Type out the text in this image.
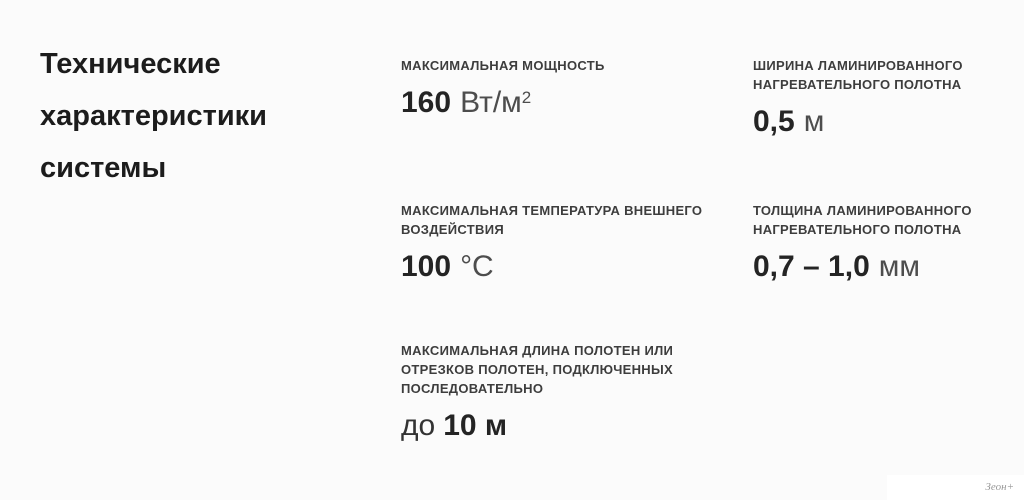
Технические
характеристики
системы
МАКСИМАЛЬНАЯ МОЩНОСТЬ
160 $Вт/м^2$
ШИРИНА ЛАМИНИРОВАННОГО НАГРЕВАТЕЛЬНОГО ПОЛОТНА
0,5 м
МАКСИМАЛЬНАЯ ТЕМПЕРАТУРА ВНЕШНЕГО ВОЗДЕЙСТВИЯ
100 °C
ТОЛЩИНА ЛАМИНИРОВАННОГО НАГРЕВАТЕЛЬНОГО ПОЛОТНА
0,7 – 1,0 мм
МАКСИМАЛЬНАЯ ДЛИНА ПОЛОТЕН ИЛИ ОТРЕЗКОВ ПОЛОТЕН, ПОДКЛЮЧЕННЫХ ПОСЛЕДОВАТЕЛЬНО
до 10 м
Зеон+
